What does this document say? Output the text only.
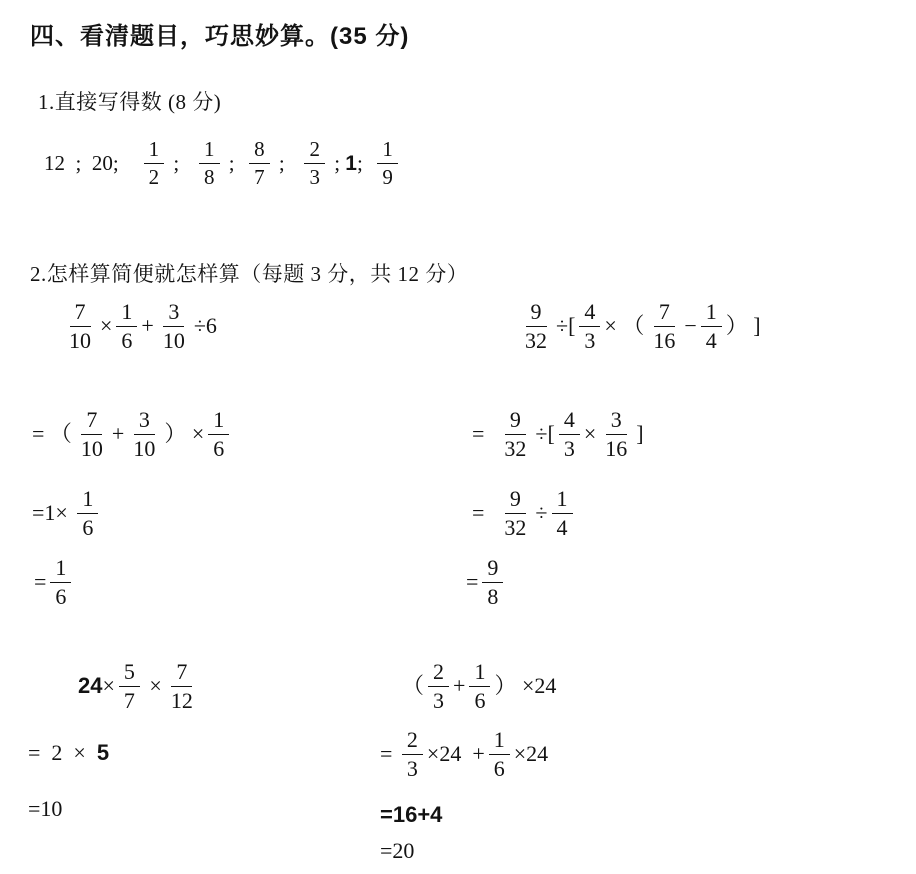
四、看清题目，巧思妙算。(35 分)
1.直接写得数 (8 分)
12  ;  20; $\frac{1}{2}$ ; $\frac{1}{8}$ ; $\frac{8}{7}$ ; $\frac{2}{3}$ ; 1 ; $\frac{1}{9}$
2.怎样算简便就怎样算（每题 3 分，共 12 分）
$\frac{7}{10} \times \frac{1}{6} + \frac{3}{10} \div 6$
= （ $\frac{7}{10} + \frac{3}{10}$ ） × $\frac{1}{6}$
$=1\times \frac{1}{6}$
= $\frac{1}{6}$
$\frac{9}{32}$ ÷[ $\frac{4}{3}$ × （ $\frac{7}{16} - \frac{1}{4}$ ） ]
= $\frac{9}{32}$ ÷[ $\frac{4}{3} \times \frac{3}{16}$ ]
= $\frac{9}{32} \div \frac{1}{4}$
= $\frac{9}{8}$
$24 \times \frac{5}{7} \times \frac{7}{12}$
=  2  × 5
=10
（ $\frac{2}{3} + \frac{1}{6}$ ） ×24
= $\frac{2}{3} \times 24 + \frac{1}{6} \times 24$
=16+4
=20
